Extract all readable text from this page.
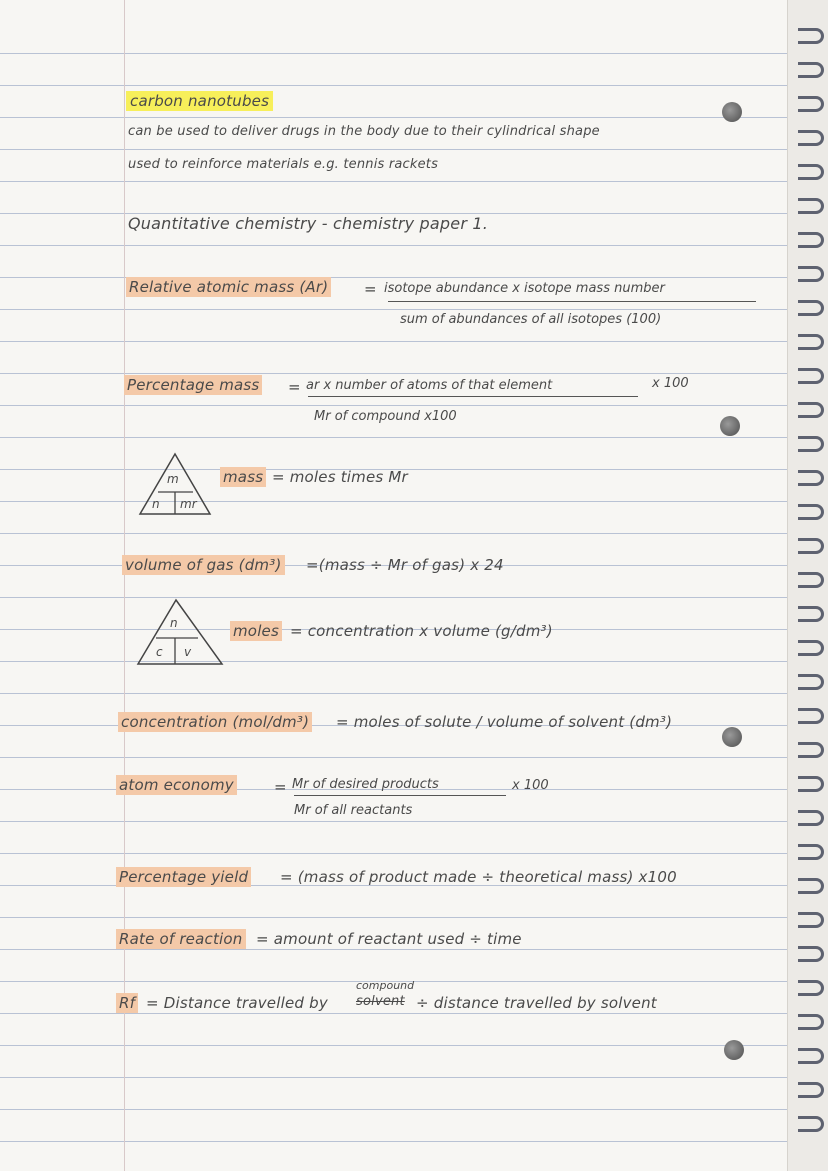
carbon nanotubes
can be used to deliver drugs in the body due to their cylindrical shape
used to reinforce materials e.g. tennis rackets
Quantitative chemistry - chemistry paper 1.
Relative atomic mass (Ar) = isotope abundance x isotope mass number
sum of abundances of all isotopes (100)
Percentage mass = ar x number of atoms of that element	x 100
Mr of compound x100
m
n mr
mass = moles times Mr
volume of gas (dm³) =(mass ÷ Mr of gas) x 24
n
c v
moles = concentration x volume (g/dm³)
concentration (mol/dm³) = moles of solute / volume of solvent (dm³)
atom economy	= Mr of desired products	x 100
Mr of all reactants
Percentage yield = (mass of product made ÷ theoretical mass) x100
Rate of reaction = amount of reactant used ÷ time
Rf = Distance travelled by
compound
solvent ÷ distance travelled by solvent
